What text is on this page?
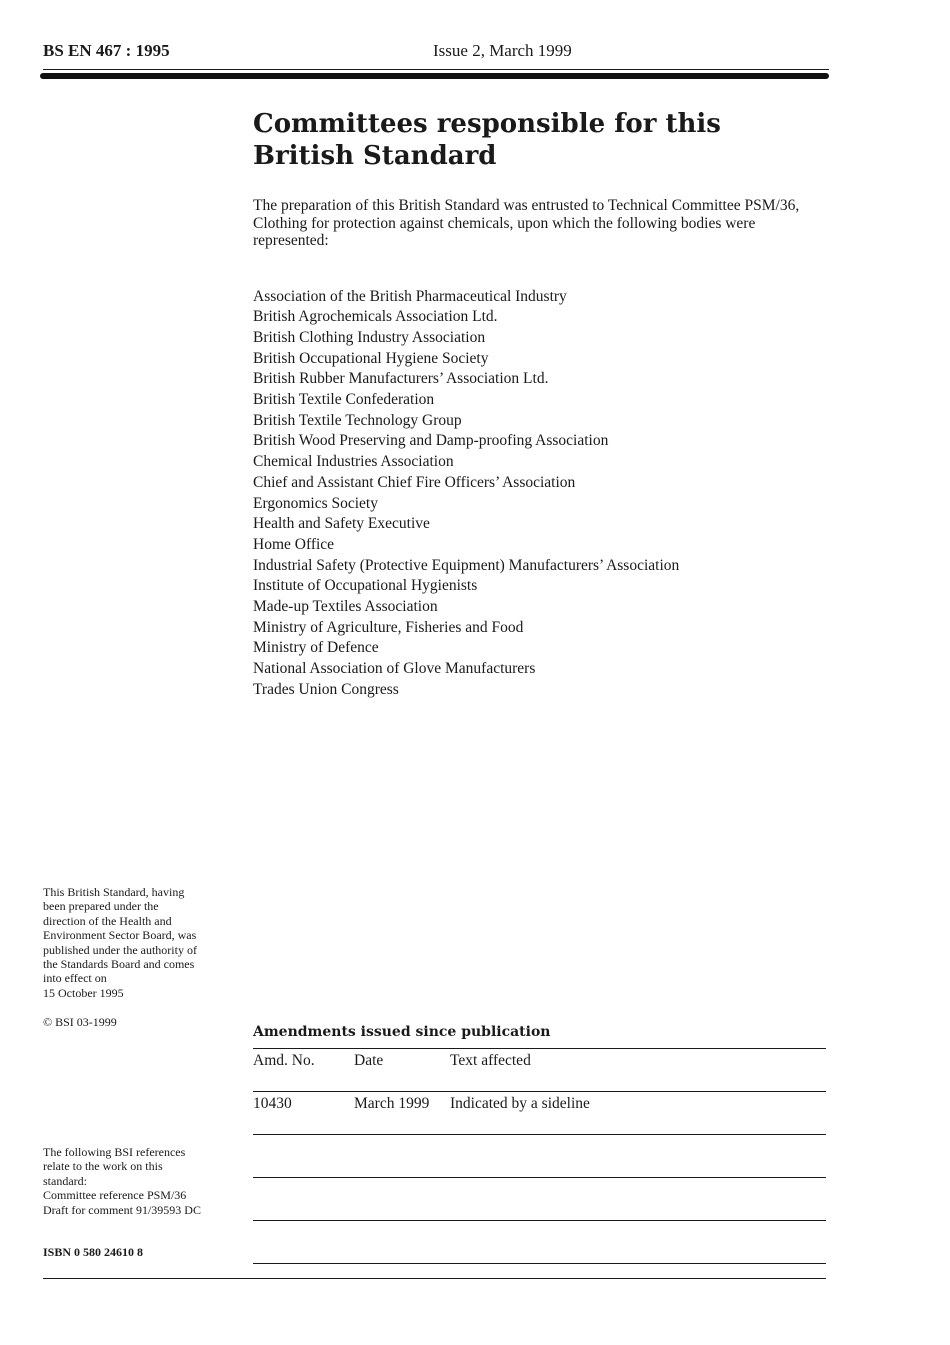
BS EN 467 : 1995	Issue 2, March 1999
Committees responsible for this
British Standard
The preparation of this British Standard was entrusted to Technical Committee PSM/36, Clothing for protection against chemicals, upon which the following bodies were represented:
Association of the British Pharmaceutical Industry
British Agrochemicals Association Ltd.
British Clothing Industry Association
British Occupational Hygiene Society
British Rubber Manufacturers’ Association Ltd.
British Textile Confederation
British Textile Technology Group
British Wood Preserving and Damp-proofing Association
Chemical Industries Association
Chief and Assistant Chief Fire Officers’ Association
Ergonomics Society
Health and Safety Executive
Home Office
Industrial Safety (Protective Equipment) Manufacturers’ Association
Institute of Occupational Hygienists
Made-up Textiles Association
Ministry of Agriculture, Fisheries and Food
Ministry of Defence
National Association of Glove Manufacturers
Trades Union Congress
This British Standard, having
been prepared under the
direction of the Health and
Environment Sector Board, was
published under the authority of
the Standards Board and comes
into effect on
15 October 1995
© BSI 03-1999
The following BSI references
relate to the work on this
standard:
Committee reference PSM/36
Draft for comment 91/39593 DC
ISBN 0 580 24610 8
Amendments issued since publication
Amd. No.	Date	Text affected
10430	March 1999 Indicated by a sideline
